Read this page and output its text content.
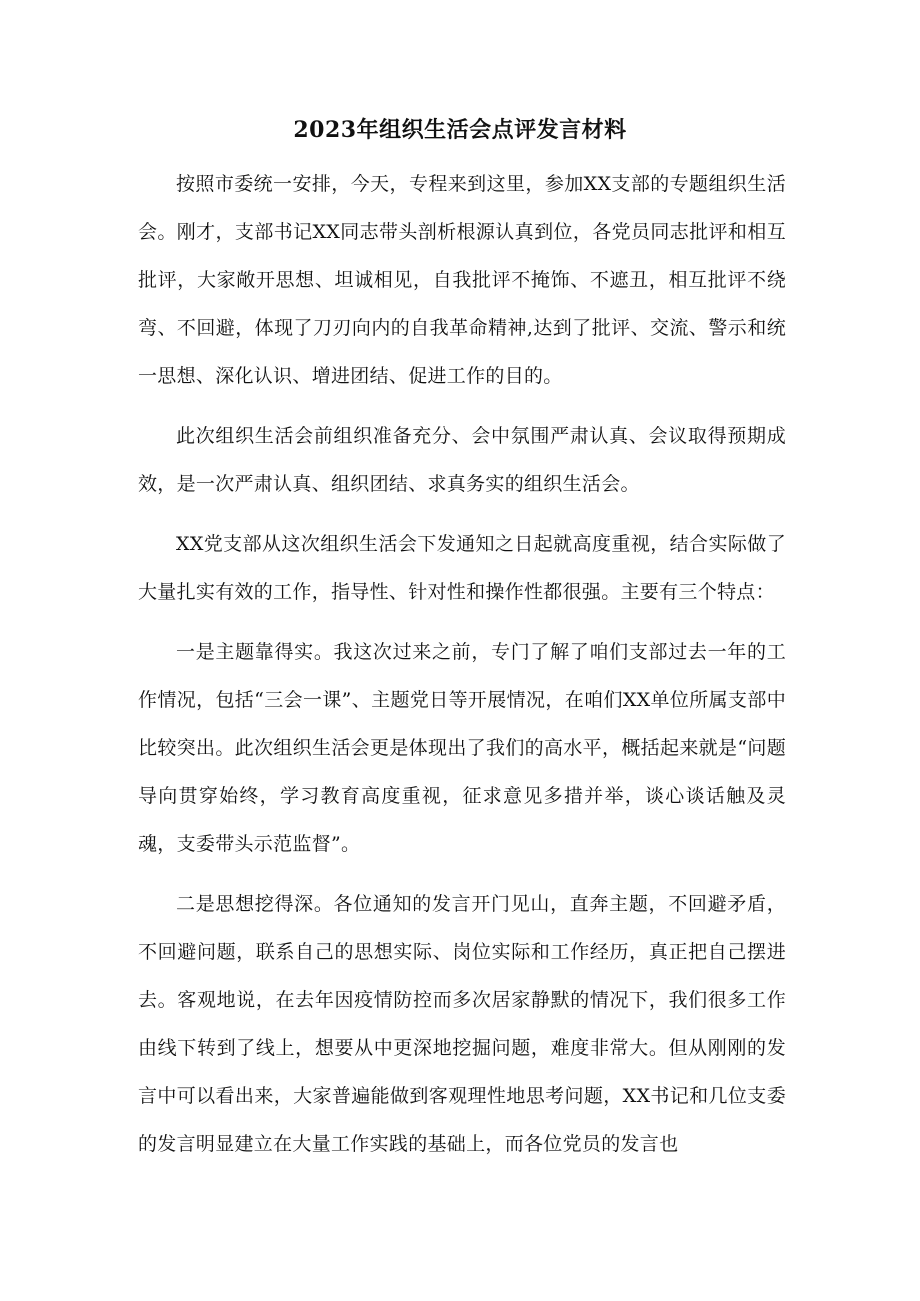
2023年组织生活会点评发言材料

按照市委统一安排，今天，专程来到这里，参加XX支部的专题组织生活会。刚才，支部书记XX同志带头剖析根源认真到位，各党员同志批评和相互批评，大家敞开思想、坦诚相见，自我批评不掩饰、不遮丑，相互批评不绕弯、不回避，体现了刀刃向内的自我革命精神,达到了批评、交流、警示和统一思想、深化认识、增进团结、促进工作的目的。

此次组织生活会前组织准备充分、会中氛围严肃认真、会议取得预期成效，是一次严肃认真、组织团结、求真务实的组织生活会。

XX党支部从这次组织生活会下发通知之日起就高度重视，结合实际做了大量扎实有效的工作，指导性、针对性和操作性都很强。主要有三个特点：

一是主题靠得实。我这次过来之前，专门了解了咱们支部过去一年的工作情况，包括“三会一课”、主题党日等开展情况，在咱们XX单位所属支部中比较突出。此次组织生活会更是体现出了我们的高水平，概括起来就是“问题导向贯穿始终，学习教育高度重视，征求意见多措并举，谈心谈话触及灵魂，支委带头示范监督”。

二是思想挖得深。各位通知的发言开门见山，直奔主题，不回避矛盾，不回避问题，联系自己的思想实际、岗位实际和工作经历，真正把自己摆进去。客观地说，在去年因疫情防控而多次居家静默的情况下，我们很多工作由线下转到了线上，想要从中更深地挖掘问题，难度非常大。但从刚刚的发言中可以看出来，大家普遍能做到客观理性地思考问题，XX书记和几位支委的发言明显建立在大量工作实践的基础上，而各位党员的发言也
